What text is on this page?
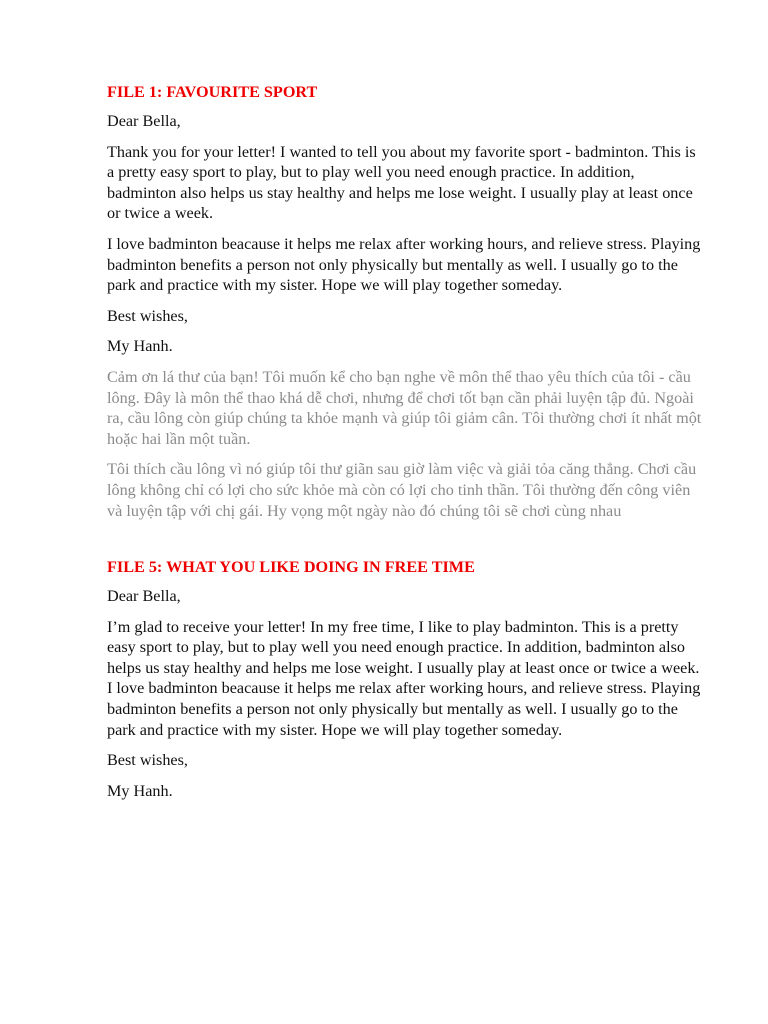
FILE 1: FAVOURITE SPORT

Dear Bella,

Thank you for your letter! I wanted to tell you about my favorite sport - badminton. This is a pretty easy sport to play, but to play well you need enough practice. In addition, badminton also helps us stay healthy and helps me lose weight. I usually play at least once or twice a week.

I love badminton beacause it helps me relax after working hours, and relieve stress. Playing badminton benefits a person not only physically but mentally as well. I usually go to the park and practice with my sister. Hope we will play together someday.

Best wishes,

My Hanh.

Cảm ơn lá thư của bạn! Tôi muốn kể cho bạn nghe về môn thể thao yêu thích của tôi - cầu lông. Đây là môn thể thao khá dễ chơi, nhưng để chơi tốt bạn cần phải luyện tập đủ. Ngoài ra, cầu lông còn giúp chúng ta khỏe mạnh và giúp tôi giảm cân. Tôi thường chơi ít nhất một hoặc hai lần một tuần.

Tôi thích cầu lông vì nó giúp tôi thư giãn sau giờ làm việc và giải tỏa căng thẳng. Chơi cầu lông không chỉ có lợi cho sức khỏe mà còn có lợi cho tinh thần. Tôi thường đến công viên và luyện tập với chị gái. Hy vọng một ngày nào đó chúng tôi sẽ chơi cùng nhau

FILE 5: WHAT YOU LIKE DOING IN FREE TIME

Dear Bella,

I’m glad to receive your letter! In my free time, I like to play badminton. This is a pretty easy sport to play, but to play well you need enough practice. In addition, badminton also helps us stay healthy and helps me lose weight. I usually play at least once or twice a week. I love badminton beacause it helps me relax after working hours, and relieve stress. Playing badminton benefits a person not only physically but mentally as well. I usually go to the park and practice with my sister. Hope we will play together someday.

Best wishes,

My Hanh.
